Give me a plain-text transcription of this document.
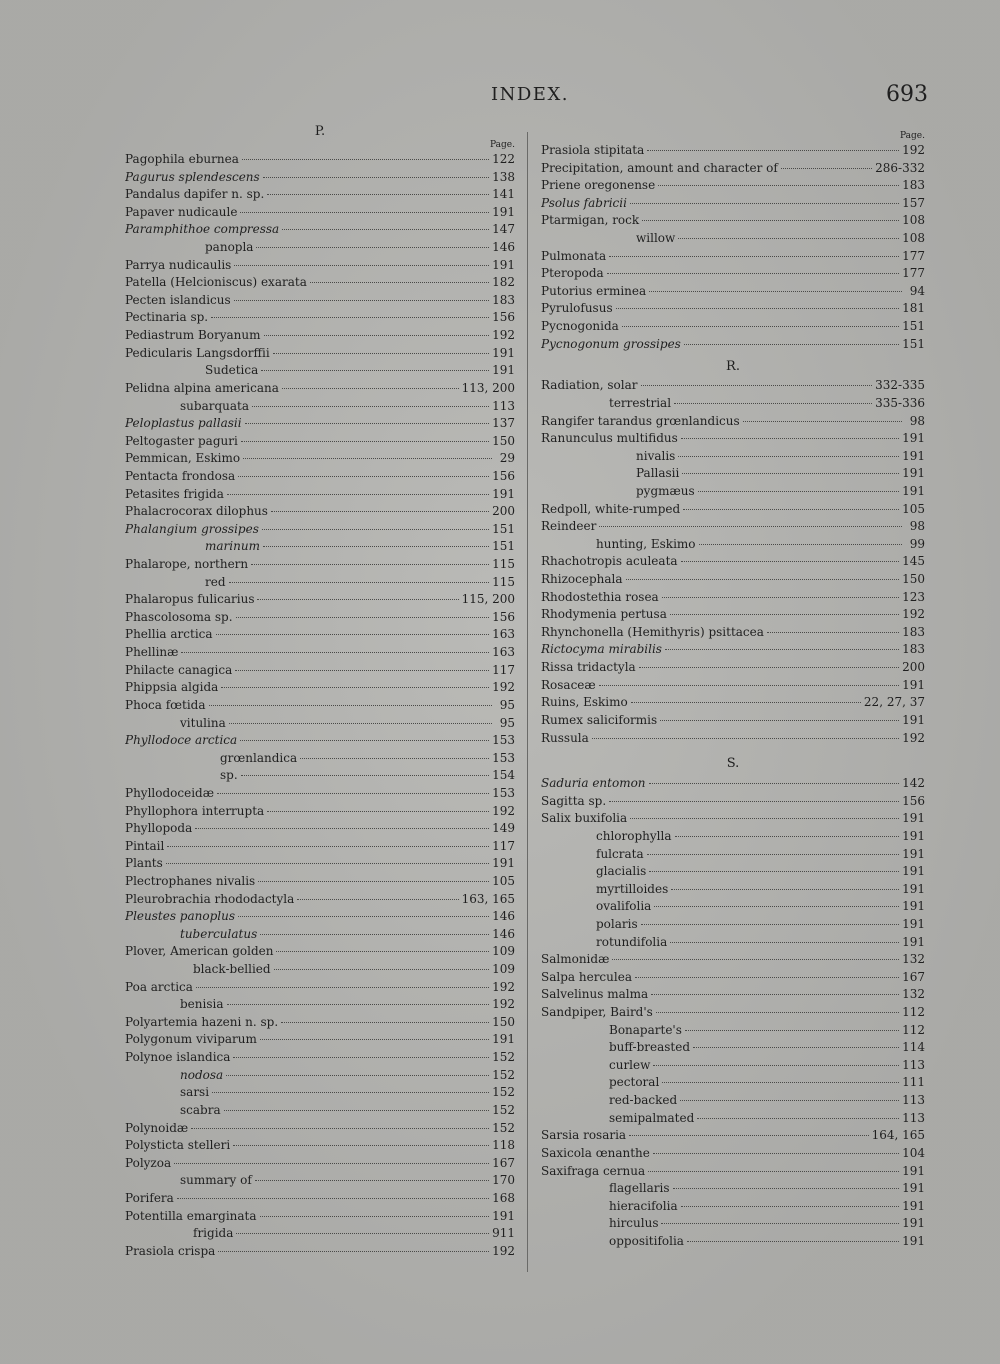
INDEX.	693
P.
Page.
Pagophila eburnea	122
Pagurus splendescens	138
Pandalus dapifer n. sp.	141
Papaver nudicaule	191
Paramphithoe compressa	147
panopla	146
Parrya nudicaulis	191
Patella (Helcioniscus) exarata	182
Pecten islandicus	183
Pectinaria sp.	156
Pediastrum Boryanum	192
Pedicularis Langsdorffii	191
Sudetica	191
Pelidna alpina americana	113, 200
subarquata	113
Peloplastus pallasii	137
Peltogaster paguri	150
Pemmican, Eskimo	29
Pentacta frondosa	156
Petasites frigida	191
Phalacrocorax dilophus	200
Phalangium grossipes	151
marinum	151
Phalarope, northern	115
red	115
Phalaropus fulicarius	115, 200
Phascolosoma sp.	156
Phellia arctica	163
Phellinæ	163
Philacte canagica	117
Phippsia algida	192
Phoca fœtida	95
vitulina	95
Phyllodoce arctica	153
grœnlandica	153
sp.	154
Phyllodoceidæ	153
Phyllophora interrupta	192
Phyllopoda	149
Pintail	117
Plants	191
Plectrophanes nivalis	105
Pleurobrachia rhododactyla	163, 165
Pleustes panoplus	146
tuberculatus	146
Plover, American golden	109
black-bellied	109
Poa arctica	192
benisia	192
Polyartemia hazeni n. sp.	150
Polygonum viviparum	191
Polynoe islandica	152
nodosa	152
sarsi	152
scabra	152
Polynoidæ	152
Polysticta stelleri	118
Polyzoa	167
summary of	170
Porifera	168
Potentilla emarginata	191
frigida	911
Prasiola crispa	192
Page.
Prasiola stipitata	192
Precipitation, amount and character of	286-332
Priene oregonense	183
Psolus fabricii	157
Ptarmigan, rock	108
willow	108
Pulmonata	177
Pteropoda	177
Putorius erminea	94
Pyrulofusus	181
Pycnogonida	151
Pycnogonum grossipes	151
R.
Radiation, solar	332-335
terrestrial	335-336
Rangifer tarandus grœnlandicus	98
Ranunculus multifidus	191
nivalis	191
Pallasii	191
pygmæus	191
Redpoll, white-rumped	105
Reindeer	98
hunting, Eskimo	99
Rhachotropis aculeata	145
Rhizocephala	150
Rhodostethia rosea	123
Rhodymenia pertusa	192
Rhynchonella (Hemithyris) psittacea	183
Rictocyma mirabilis	183
Rissa tridactyla	200
Rosaceæ	191
Ruins, Eskimo	22, 27, 37
Rumex saliciformis	191
Russula	192
S.
Saduria entomon	142
Sagitta sp.	156
Salix buxifolia	191
chlorophylla	191
fulcrata	191
glacialis	191
myrtilloides	191
ovalifolia	191
polaris	191
rotundifolia	191
Salmonidæ	132
Salpa herculea	167
Salvelinus malma	132
Sandpiper, Baird's	112
Bonaparte's	112
buff-breasted	114
curlew	113
pectoral	111
red-backed	113
semipalmated	113
Sarsia rosaria	164, 165
Saxicola œnanthe	104
Saxifraga cernua	191
flagellaris	191
hieracifolia	191
hirculus	191
oppositifolia	191
